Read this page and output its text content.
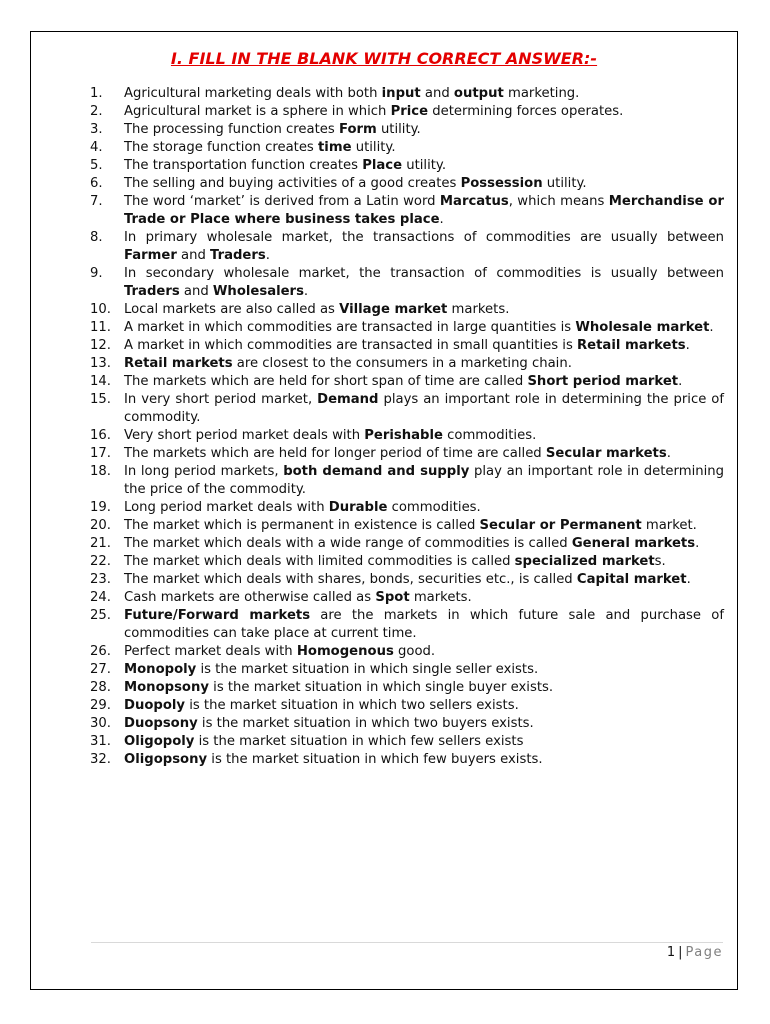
I. FILL IN THE BLANK WITH CORRECT ANSWER:-
1. Agricultural marketing deals with both input and output marketing.
2. Agricultural market is a sphere in which Price determining forces operates.
3. The processing function creates Form utility.
4. The storage function creates time utility.
5. The transportation function creates Place utility.
6. The selling and buying activities of a good creates Possession utility.
7. The word ‘market’ is derived from a Latin word Marcatus, which means Merchandise or Trade or Place where business takes place.
8. In primary wholesale market, the transactions of commodities are usually between Farmer and Traders.
9. In secondary wholesale market, the transaction of commodities is usually between Traders and Wholesalers.
10. Local markets are also called as Village market markets.
11. A market in which commodities are transacted in large quantities is Wholesale market.
12. A market in which commodities are transacted in small quantities is Retail markets.
13. Retail markets are closest to the consumers in a marketing chain.
14. The markets which are held for short span of time are called Short period market.
15. In very short period market, Demand plays an important role in determining the price of commodity.
16. Very short period market deals with Perishable commodities.
17. The markets which are held for longer period of time are called Secular markets.
18. In long period markets, both demand and supply play an important role in determining the price of the commodity.
19. Long period market deals with Durable commodities.
20. The market which is permanent in existence is called Secular or Permanent market.
21. The market which deals with a wide range of commodities is called General markets.
22. The market which deals with limited commodities is called specialized markets.
23. The market which deals with shares, bonds, securities etc., is called Capital market.
24. Cash markets are otherwise called as Spot markets.
25. Future/Forward markets are the markets in which future sale and purchase of commodities can take place at current time.
26. Perfect market deals with Homogenous good.
27. Monopoly is the market situation in which single seller exists.
28. Monopsony is the market situation in which single buyer exists.
29. Duopoly is the market situation in which two sellers exists.
30. Duopsony is the market situation in which two buyers exists.
31. Oligopoly is the market situation in which few sellers exists
32. Oligopsony is the market situation in which few buyers exists.
1 | Page
